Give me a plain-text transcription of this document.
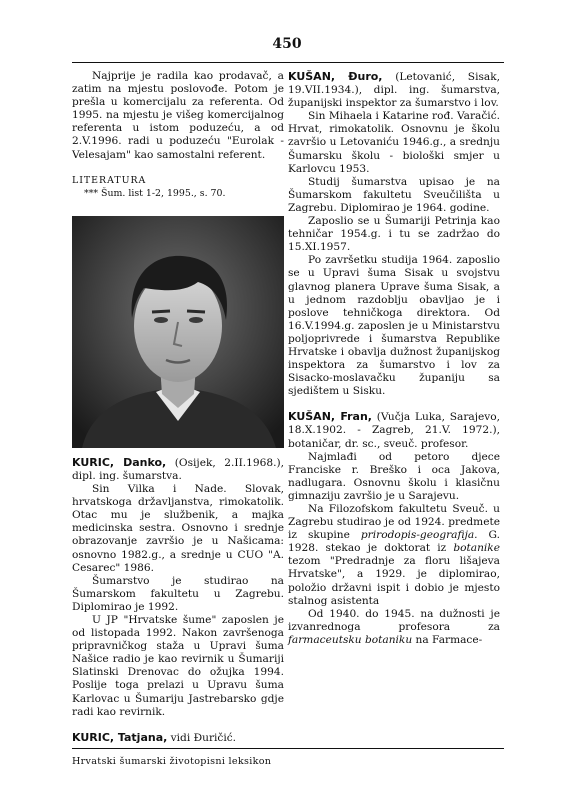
450

Najprije je radila kao prodavač, a zatim na mjestu poslovođe. Potom je prešla u komercijalu za referenta. Od 1995. na mjestu je višeg komercijalnog referenta u istom poduzeću, a od 2.V.1996. radi u poduzeću "Eurolak - Velesajam" kao samostalni referent.

LITERATURA

*** Šum. list 1-2, 1995., s. 70.

KURIC, Danko, (Osijek, 2.II.1968.), dipl. ing. šumarstva.

Sin Vilka i Nade. Slovak, hrvatskoga državljanstva, rimokatolik. Otac mu je službenik, a majka medicinska sestra. Osnovno i srednje obrazovanje završio je u Našicama: osnovno 1982.g., a srednje u CUO "A. Cesarec" 1986.

Šumarstvo je studirao na Šumarskom fakultetu u Zagrebu. Diplomirao je 1992.

U JP "Hrvatske šume" zaposlen je od listopada 1992. Nakon završenoga pripravničkog staža u Upravi šuma Našice radio je kao revirnik u Šumariji Slatinski Drenovac do ožujka 1994. Poslije toga prelazi u Upravu šuma Karlovac u Šumariju Jastrebarsko gdje radi kao revirnik.

KURIC, Tatjana, vidi Đuričić.

KUŠAN, Đuro, (Letovanić, Sisak, 19.VII.1934.), dipl. ing. šumarstva, županijski inspektor za šumarstvo i lov.

Sin Mihaela i Katarine rođ. Varačić. Hrvat, rimokatolik. Osnovnu je školu završio u Letovaniću 1946.g., a srednju Šumarsku školu - biološki smjer u Karlovcu 1953.

Studij šumarstva upisao je na Šumarskom fakultetu Sveučilišta u Zagrebu. Diplomirao je 1964. godine.

Zaposlio se u Šumariji Petrinja kao tehničar 1954.g. i tu se zadržao do 15.XI.1957.

Po završetku studija 1964. zaposlio se u Upravi šuma Sisak u svojstvu glavnog planera Uprave šuma Sisak, a u jednom razdoblju obavljao je i poslove tehničkoga direktora. Od 16.V.1994.g. zaposlen je u Ministarstvu poljoprivrede i šumarstva Republike Hrvatske i obavlja dužnost županijskog inspektora za šumarstvo i lov za Sisacko-moslavačku županiju sa sjedištem u Sisku.

KUŠAN, Fran, (Vučja Luka, Sarajevo, 18.X.1902. - Zagreb, 21.V. 1972.), botaničar, dr. sc., sveuč. profesor.

Najmlađi od petoro djece Franciske r. Breško i oca Jakova, nadlugara. Osnovnu školu i klasičnu gimnaziju završio je u Sarajevu.

Na Filozofskom fakultetu Sveuč. u Zagrebu studirao je od 1924. predmete iz skupine prirodopis-geografija. G. 1928. stekao je doktorat iz botanike tezom "Predradnje za floru lišajeva Hrvatske", a 1929. je diplomirao, položio državni ispit i dobio je mjesto stalnog asistenta

Od 1940. do 1945. na dužnosti je izvanrednoga profesora za farmaceutsku botaniku na Farmace-

Hrvatski šumarski životopisni leksikon
